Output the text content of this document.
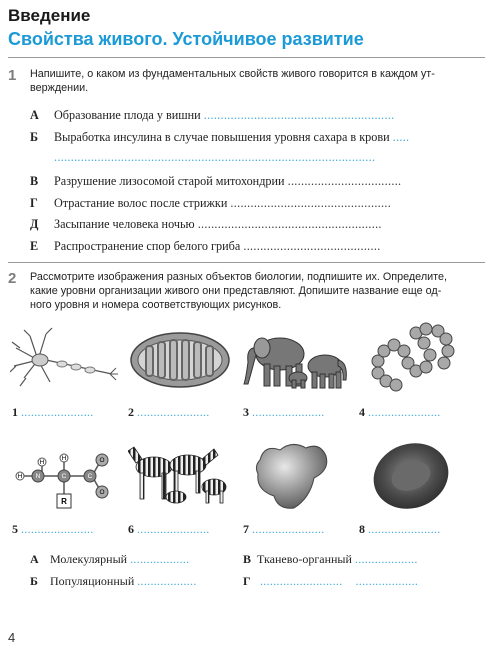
Введение
Свойства живого. Устойчивое развитие
1 Напишите, о каком из фундаментальных свойств живого говорится в каждом ут-
верждении.
А Образование плода у вишни .........................................................
Б Выработка инсулина в случае повышения уровня сахара в крови .....
................................................................................................
В Разрушение лизосомой старой митохондрии ..................................
Г Отрастание волос после стрижки ................................................
Д Засыпание человека ночью .......................................................
Е Распространение спор белого гриба .........................................
2 Рассмотрите изображения разных объектов биологии, подпишите их. Определите,
какие уровни организации живого они представляют. Допишите название еще од-
ного уровня и номера соответствующих рисунков.
1 ......................	2 ......................	3 ......................	4 ......................
H N
H
C
H
R
C
O
O
5 ......................	6 ......................	7 ......................	8 ......................
А Молекулярный ..................	В Тканево-органный ...................
Б Популяционный ..................	Г ......................... ...................
4
